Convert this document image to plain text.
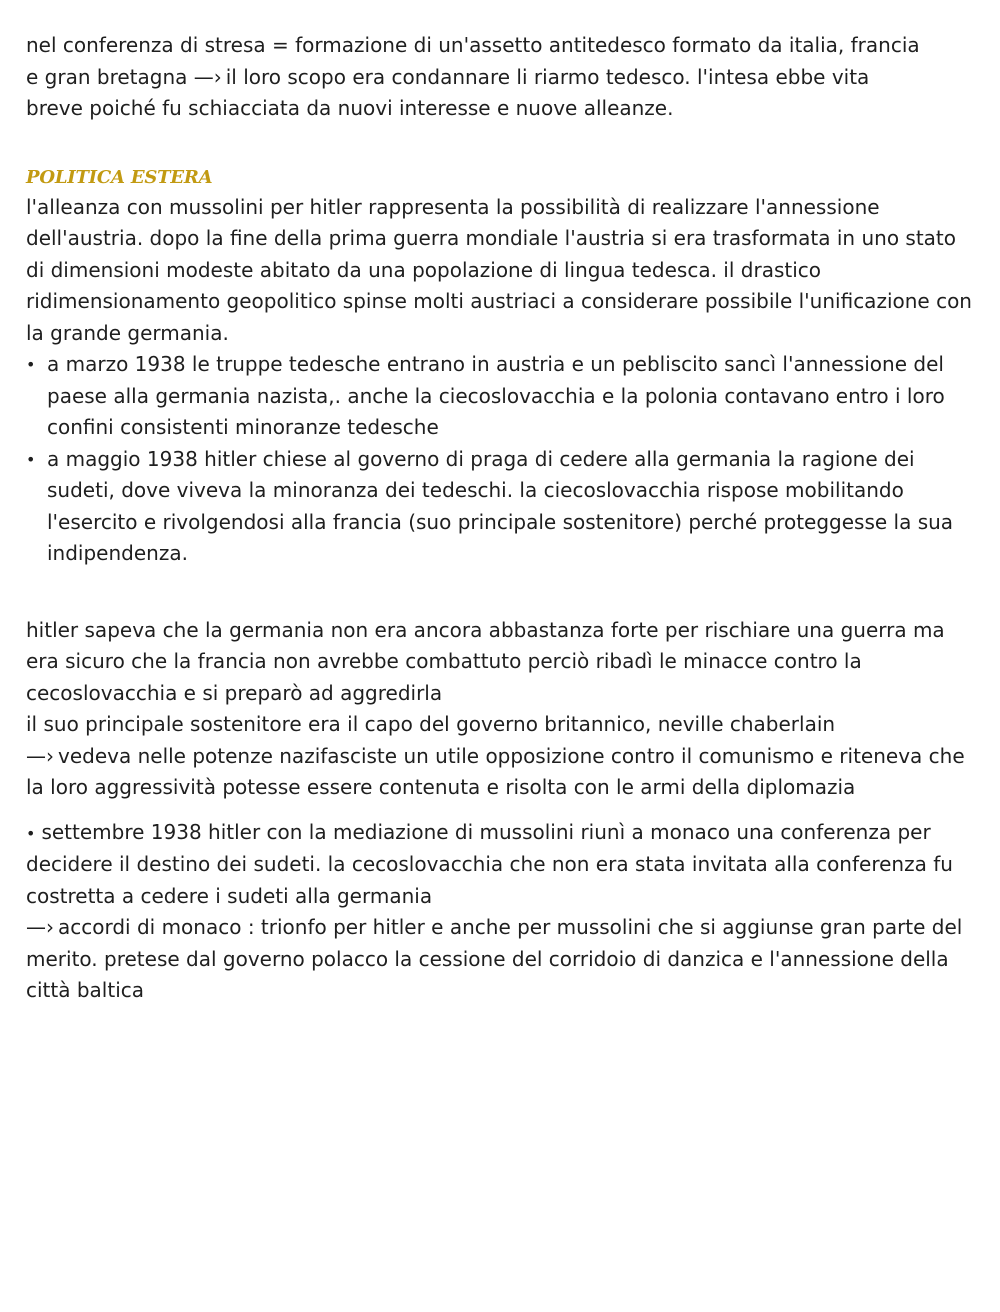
nel conferenza di stresa = formazione di un'assetto antitedesco formato da italia, francia
e gran bretagna —› il loro scopo era condannare li riarmo tedesco. l'intesa ebbe vita
breve poiché fu schiacciata da nuovi interesse e nuove alleanze.

POLITICA ESTERA

l'alleanza con mussolini per hitler rappresenta la possibilità di realizzare l'annessione dell'austria. dopo la fine della prima guerra mondiale l'austria si era trasformata in uno stato di dimensioni modeste abitato da una popolazione di lingua tedesca. il drastico ridimensionamento geopolitico spinse molti austriaci a considerare possibile l'unificazione con la grande germania.

• a marzo 1938 le truppe tedesche entrano in austria e un pebliscito sancì l'annessione del paese alla germania nazista,. anche la ciecoslovacchia e la polonia contavano entro i loro confini consistenti minoranze tedesche
• a maggio 1938 hitler chiese al governo di praga di cedere alla germania la ragione dei sudeti, dove viveva la minoranza dei tedeschi. la ciecoslovacchia rispose mobilitando l'esercito e rivolgendosi alla francia (suo principale sostenitore) perché proteggesse la sua indipendenza.

hitler sapeva che la germania non era ancora abbastanza forte per rischiare una guerra ma era sicuro che la francia non avrebbe combattuto perciò ribadì le minacce contro la cecoslovacchia e si preparò ad aggredirla

il suo principale sostenitore era il capo del governo britannico, neville chaberlain

—› vedeva nelle potenze nazifasciste un utile opposizione contro il comunismo e riteneva che la loro aggressività potesse essere contenuta e risolta con le armi della diplomazia

• settembre 1938 hitler con la mediazione di mussolini riunì a monaco una conferenza per decidere il destino dei sudeti. la cecoslovacchia che non era stata invitata alla conferenza fu costretta a cedere i sudeti alla germania

—› accordi di monaco : trionfo per hitler e anche per mussolini che si aggiunse gran parte del merito. pretese dal governo polacco la cessione del corridoio di danzica e l'annessione della città baltica
